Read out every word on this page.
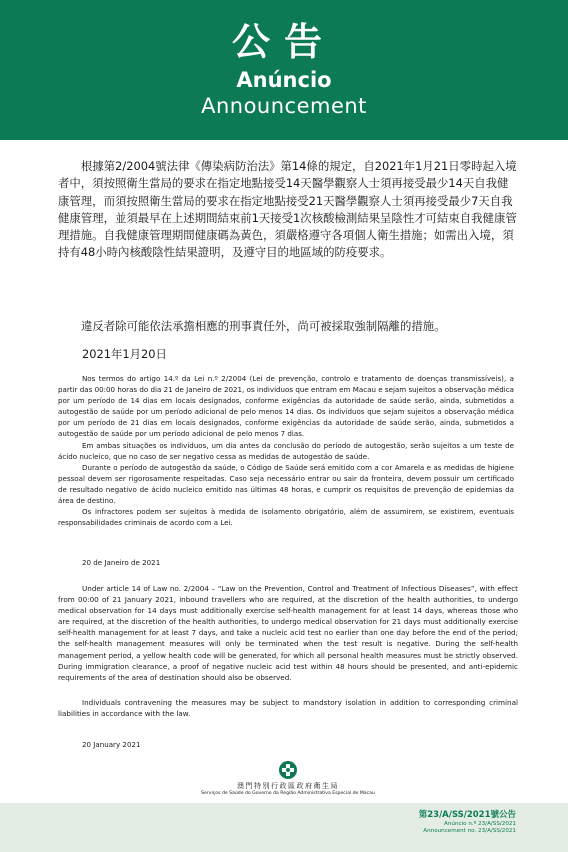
公告
Anúncio
Announcement

根據第2/2004號法律《傳染病防治法》第14條的規定，自2021年1月21日零時起入境者中，須按照衛生當局的要求在指定地點接受14天醫學觀察人士須再接受最少14天自我健康管理，而須按照衛生當局的要求在指定地點接受21天醫學觀察人士須再接受最少7天自我健康管理，並須最早在上述期間結束前1天接受1次核酸檢測結果呈陰性才可結束自我健康管理措施。自我健康管理期間健康碼為黃色，須嚴格遵守各項個人衛生措施；如需出入境，須持有48小時內核酸陰性結果證明，及遵守目的地區域的防疫要求。

違反者除可能依法承擔相應的刑事責任外，尚可被採取強制隔離的措施。

2021年1月20日

Nos termos do artigo 14.º da Lei n.º 2/2004 (Lei de prevenção, controlo e tratamento de doenças transmissíveis), a partir das 00:00 horas do dia 21 de Janeiro de 2021, os indivíduos que entram em Macau e sejam sujeitos a observação médica por um período de 14 dias em locais designados, conforme exigências da autoridade de saúde serão, ainda, submetidos a autogestão de saúde por um período adicional de pelo menos 14 dias. Os indivíduos que sejam sujeitos a observação médica por um período de 21 dias em locais designados, conforme exigências da autoridade de saúde serão, ainda, submetidos a autogestão de saúde por um período adicional de pelo menos 7 dias.

Em ambas situações os indivíduos, um dia antes da conclusão do período de autogestão, serão sujeitos a um teste de ácido nucleico, que no caso de ser negativo cessa as medidas de autogestão de saúde.

Durante o período de autogestão da saúde, o Código de Saúde será emitido com a cor Amarela e as medidas de higiene pessoal devem ser rigorosamente respeitadas. Caso seja necessário entrar ou sair da fronteira, devem possuir um certificado de resultado negativo de ácido nucleico emitido nas últimas 48 horas, e cumprir os requisitos de prevenção de epidemias da área de destino.

Os infractores podem ser sujeitos à medida de isolamento obrigatório, além de assumirem, se existirem, eventuais responsabilidades criminais de acordo com a Lei.

20 de Janeiro de 2021

Under article 14 of Law no. 2/2004 – “Law on the Prevention, Control and Treatment of Infectious Diseases”, with effect from 00:00 of 21 January 2021, inbound travellers who are required, at the discretion of the health authorities, to undergo medical observation for 14 days must additionally exercise self-health management for at least 14 days, whereas those who are required, at the discretion of the health authorities, to undergo medical observation for 21 days must additionally exercise self-health management for at least 7 days, and take a nucleic acid test no earlier than one day before the end of the period; the self-health management measures will only be terminated when the test result is negative. During the self-health management period, a yellow health code will be generated, for which all personal health measures must be strictly observed. During immigration clearance, a proof of negative nucleic acid test within 48 hours should be presented, and anti-epidemic requirements of the area of destination should also be observed.

Individuals contravening the measures may be subject to mandstory isolation in addition to corresponding criminal liabilities in accordance with the law.

20 January 2021
澳門特別行政區政府衛生局
Serviços de Saúde do Governo da Região Administrativa Especial de Macau
第23/A/SS/2021號公告
Anúncio n.º 23/A/SS/2021
Announcement no. 23/A/SS/2021
